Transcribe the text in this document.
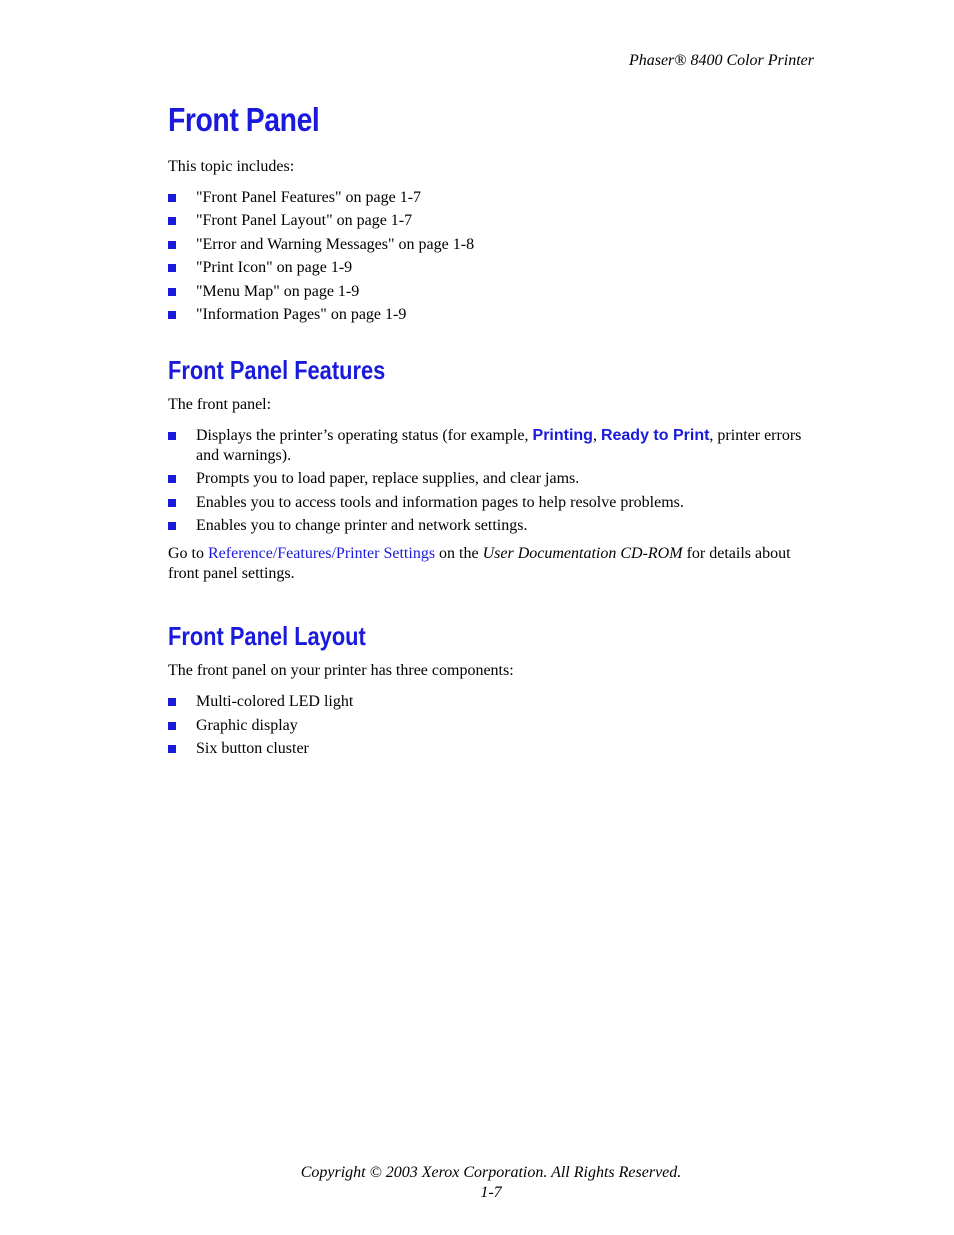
Phaser® 8400 Color Printer
Front Panel

This topic includes:

"Front Panel Features" on page 1-7
"Front Panel Layout" on page 1-7
"Error and Warning Messages" on page 1-8
"Print Icon" on page 1-9
"Menu Map" on page 1-9
"Information Pages" on page 1-9
Front Panel Features

The front panel:

Displays the printer’s operating status (for example, Printing, Ready to Print, printer errors and warnings).
Prompts you to load paper, replace supplies, and clear jams.
Enables you to access tools and information pages to help resolve problems.
Enables you to change printer and network settings.

Go to Reference/Features/Printer Settings on the User Documentation CD-ROM for details about front panel settings.

Front Panel Layout

The front panel on your printer has three components:

Multi-colored LED light
Graphic display
Six button cluster
Copyright © 2003 Xerox Corporation. All Rights Reserved.
1-7
